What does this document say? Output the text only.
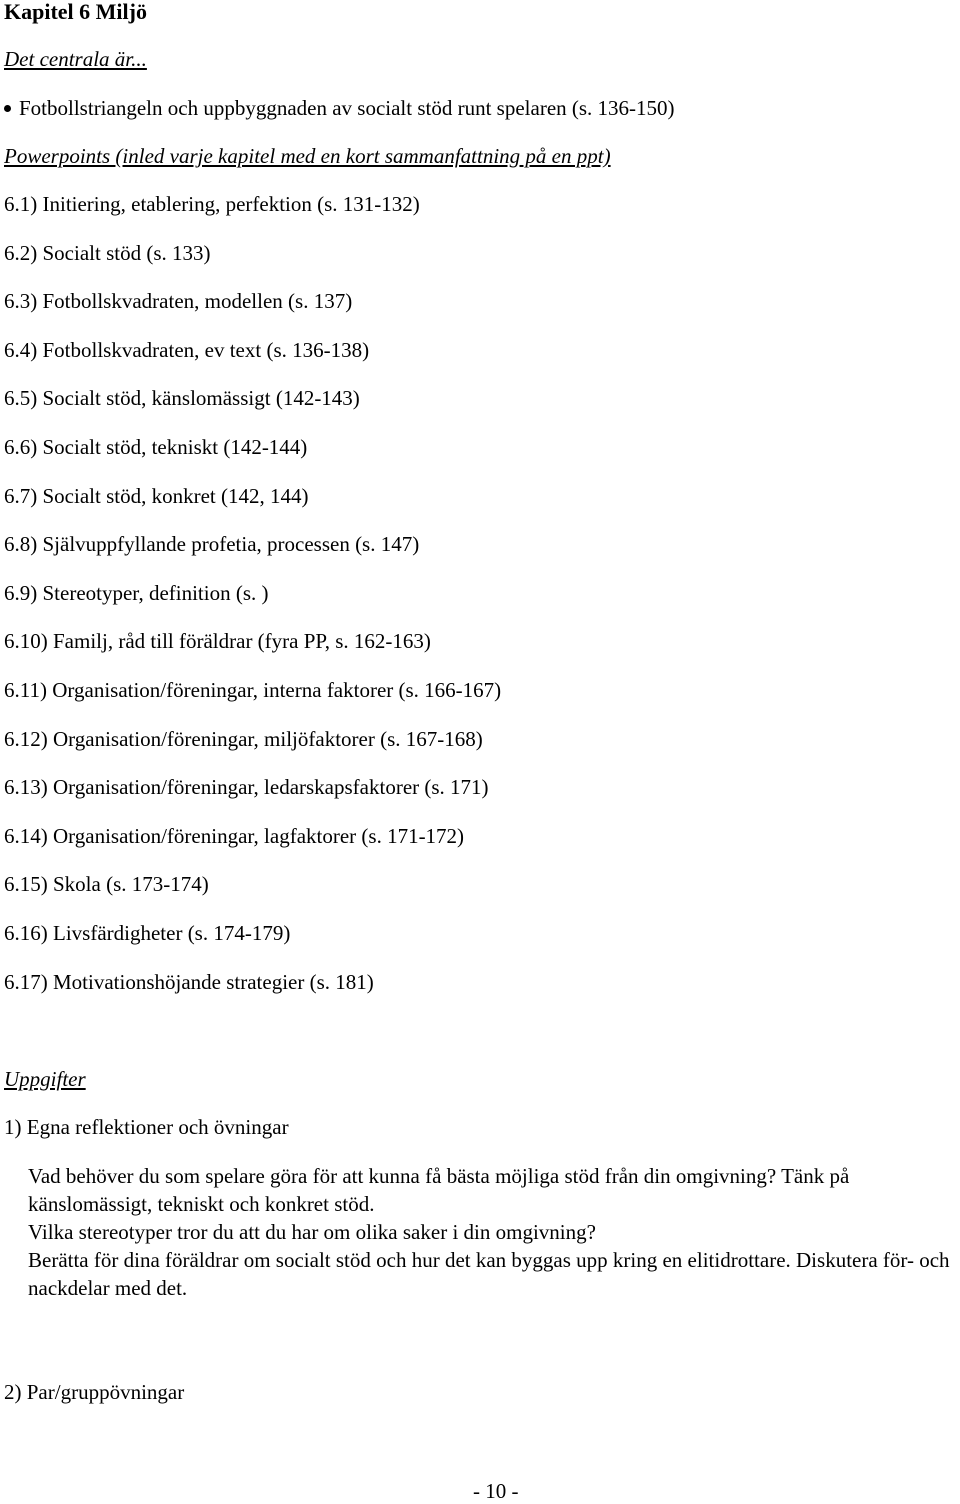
Kapitel 6 Miljö
Det centrala är...
Fotbollstriangeln och uppbyggnaden av socialt stöd runt spelaren (s. 136-150)
Powerpoints (inled varje kapitel med en kort sammanfattning på en ppt)
6.1) Initiering, etablering, perfektion (s. 131-132)
6.2) Socialt stöd (s. 133)
6.3) Fotbollskvadraten, modellen (s. 137)
6.4) Fotbollskvadraten, ev text (s. 136-138)
6.5) Socialt stöd, känslomässigt (142-143)
6.6) Socialt stöd, tekniskt (142-144)
6.7) Socialt stöd, konkret (142, 144)
6.8) Självuppfyllande profetia, processen (s. 147)
6.9) Stereotyper, definition (s. )
6.10) Familj, råd till föräldrar (fyra PP, s. 162-163)
6.11) Organisation/föreningar, interna faktorer (s. 166-167)
6.12) Organisation/föreningar, miljöfaktorer (s. 167-168)
6.13) Organisation/föreningar, ledarskapsfaktorer (s. 171)
6.14) Organisation/föreningar, lagfaktorer (s. 171-172)
6.15) Skola (s. 173-174)
6.16) Livsfärdigheter (s. 174-179)
6.17) Motivationshöjande strategier (s. 181)
Uppgifter
1) Egna reflektioner och övningar
Vad behöver du som spelare göra för att kunna få bästa möjliga stöd från din omgivning? Tänk på känslomässigt, tekniskt och konkret stöd.
Vilka stereotyper tror du att du har om olika saker i din omgivning?
Berätta för dina föräldrar om socialt stöd och hur det kan byggas upp kring en elitidrottare. Diskutera för- och nackdelar med det.
2) Par/gruppövningar
- 10 -
